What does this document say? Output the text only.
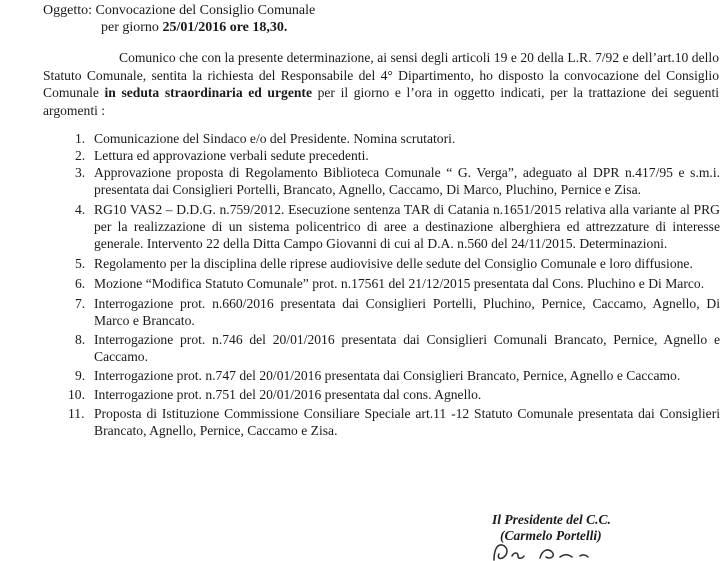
Oggetto: Convocazione del Consiglio Comunale
per giorno 25/01/2016 ore 18,30.
Comunico che con la presente determinazione, ai sensi degli articoli 19 e 20 della L.R. 7/92 e dell’art.10 dello Statuto Comunale, sentita la richiesta del Responsabile del 4° Dipartimento, ho disposto la convocazione del Consiglio Comunale in seduta straordinaria ed urgente per il giorno e l’ora in oggetto indicati, per la trattazione dei seguenti argomenti :
1. Comunicazione del Sindaco e/o del Presidente. Nomina scrutatori.
2. Lettura ed approvazione verbali sedute precedenti.
3. Approvazione proposta di Regolamento Biblioteca Comunale “ G. Verga”, adeguato al DPR n.417/95 e s.m.i. presentata dai Consiglieri Portelli, Brancato, Agnello, Caccamo, Di Marco, Pluchino, Pernice e Zisa.
4. RG10 VAS2 – D.D.G. n.759/2012. Esecuzione sentenza TAR di Catania n.1651/2015 relativa alla variante al PRG per la realizzazione di un sistema policentrico di aree a destinazione alberghiera ed attrezzature di interesse generale. Intervento 22 della Ditta Campo Giovanni di cui al D.A. n.560 del 24/11/2015. Determinazioni.
5. Regolamento per la disciplina delle riprese audiovisive delle sedute del Consiglio Comunale e loro diffusione.
6. Mozione “Modifica Statuto Comunale” prot. n.17561 del 21/12/2015 presentata dal Cons. Pluchino e Di Marco.
7. Interrogazione prot. n.660/2016 presentata dai Consiglieri Portelli, Pluchino, Pernice, Caccamo, Agnello, Di Marco e Brancato.
8. Interrogazione prot. n.746 del 20/01/2016 presentata dai Consiglieri Comunali Brancato, Pernice, Agnello e Caccamo.
9. Interrogazione prot. n.747 del 20/01/2016 presentata dai Consiglieri Brancato, Pernice, Agnello e Caccamo.
10. Interrogazione prot. n.751 del 20/01/2016 presentata dal cons. Agnello.
11. Proposta di Istituzione Commissione Consiliare Speciale art.11 -12 Statuto Comunale presentata dai Consiglieri Brancato, Agnello, Pernice, Caccamo e Zisa.
Il Presidente del C.C.
(Carmelo Portelli)
